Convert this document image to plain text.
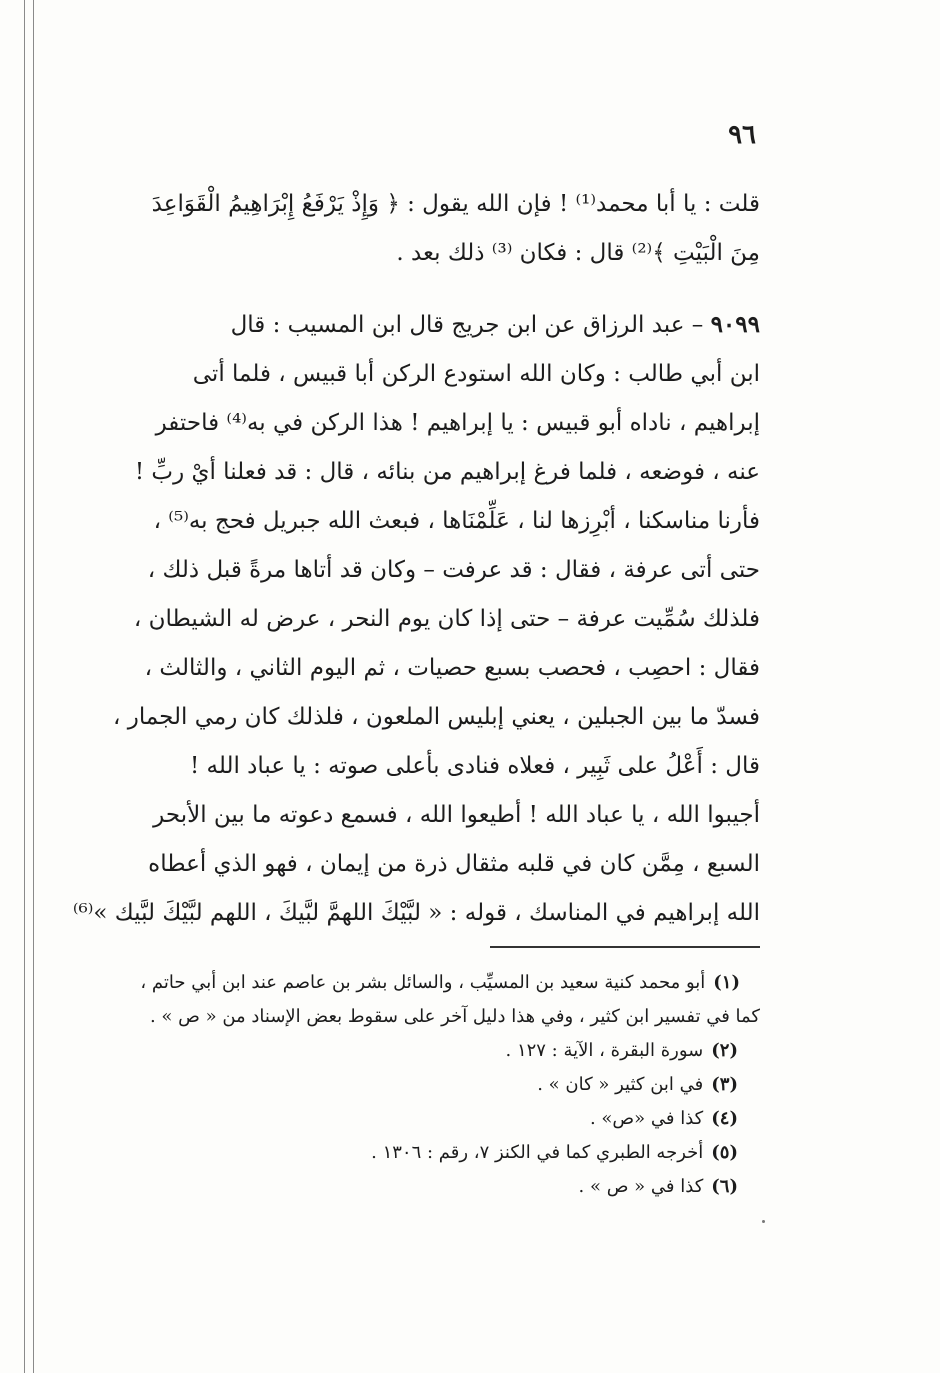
٩٦

قلت : يا أبا محمد⁽¹⁾ ! فإن الله يقول : ﴿ وَإِذْ يَرْفَعُ إِبْرَاهِيمُ الْقَوَاعِدَ
مِنَ الْبَيْتِ ﴾⁽²⁾ قال : فكان ⁽³⁾ ذلك بعد .

٩٠٩٩ – عبد الرزاق عن ابن جريج قال ابن المسيب : قال
ابن أبي طالب : وكان الله استودع الركن أبا قبيس ، فلما أتى
إبراهيم ، ناداه أبو قبيس : يا إبراهيم ! هذا الركن في به⁽⁴⁾ فاحتفر
عنه ، فوضعه ، فلما فرغ إبراهيم من بنائه ، قال : قد فعلنا أيْ ربِّ !
فأرنا مناسكنا ، أبْرِزها لنا ، عَلِّمْنَاها ، فبعث الله جبريل فحج به⁽⁵⁾ ،
حتى أتى عرفة ، فقال : قد عرفت – وكان قد أتاها مرةً قبل ذلك ،
فلذلك سُمِّيت عرفة – حتى إذا كان يوم النحر ، عرض له الشيطان ،
فقال : احصِب ، فحصب بسبع حصيات ، ثم اليوم الثاني ، والثالث ،
فسدّ ما بين الجبلين ، يعني إبليس الملعون ، فلذلك كان رمي الجمار ،
قال : أَعْلُ على ثَبِير ، فعلاه فنادى بأعلى صوته : يا عباد الله !
أجيبوا الله ، يا عباد الله ! أطيعوا الله ، فسمع دعوته ما بين الأبحر
السبع ، مِمَّن كان في قلبه مثقال ذرة من إيمان ، فهو الذي أعطاه
الله إبراهيم في المناسك ، قوله : « لبَّيْكَ اللهمَّ لبَّيكَ ، اللهم لبَّيْكَ لبَّيك »⁽⁶⁾

(١)أبو محمد كنية سعيد بن المسيِّب ، والسائل بشر بن عاصم عند ابن أبي حاتم ،
كما في تفسير ابن كثير ، وفي هذا دليل آخر على سقوط بعض الإسناد من « ص » .
(٢)سورة البقرة ، الآية : ١٢٧ .
(٣)في ابن كثير « كان » .
(٤)كذا في «ص» .
(٥)أخرجه الطبري كما في الكنز ٧، رقم : ١٣٠٦ .
(٦)كذا في « ص » .
